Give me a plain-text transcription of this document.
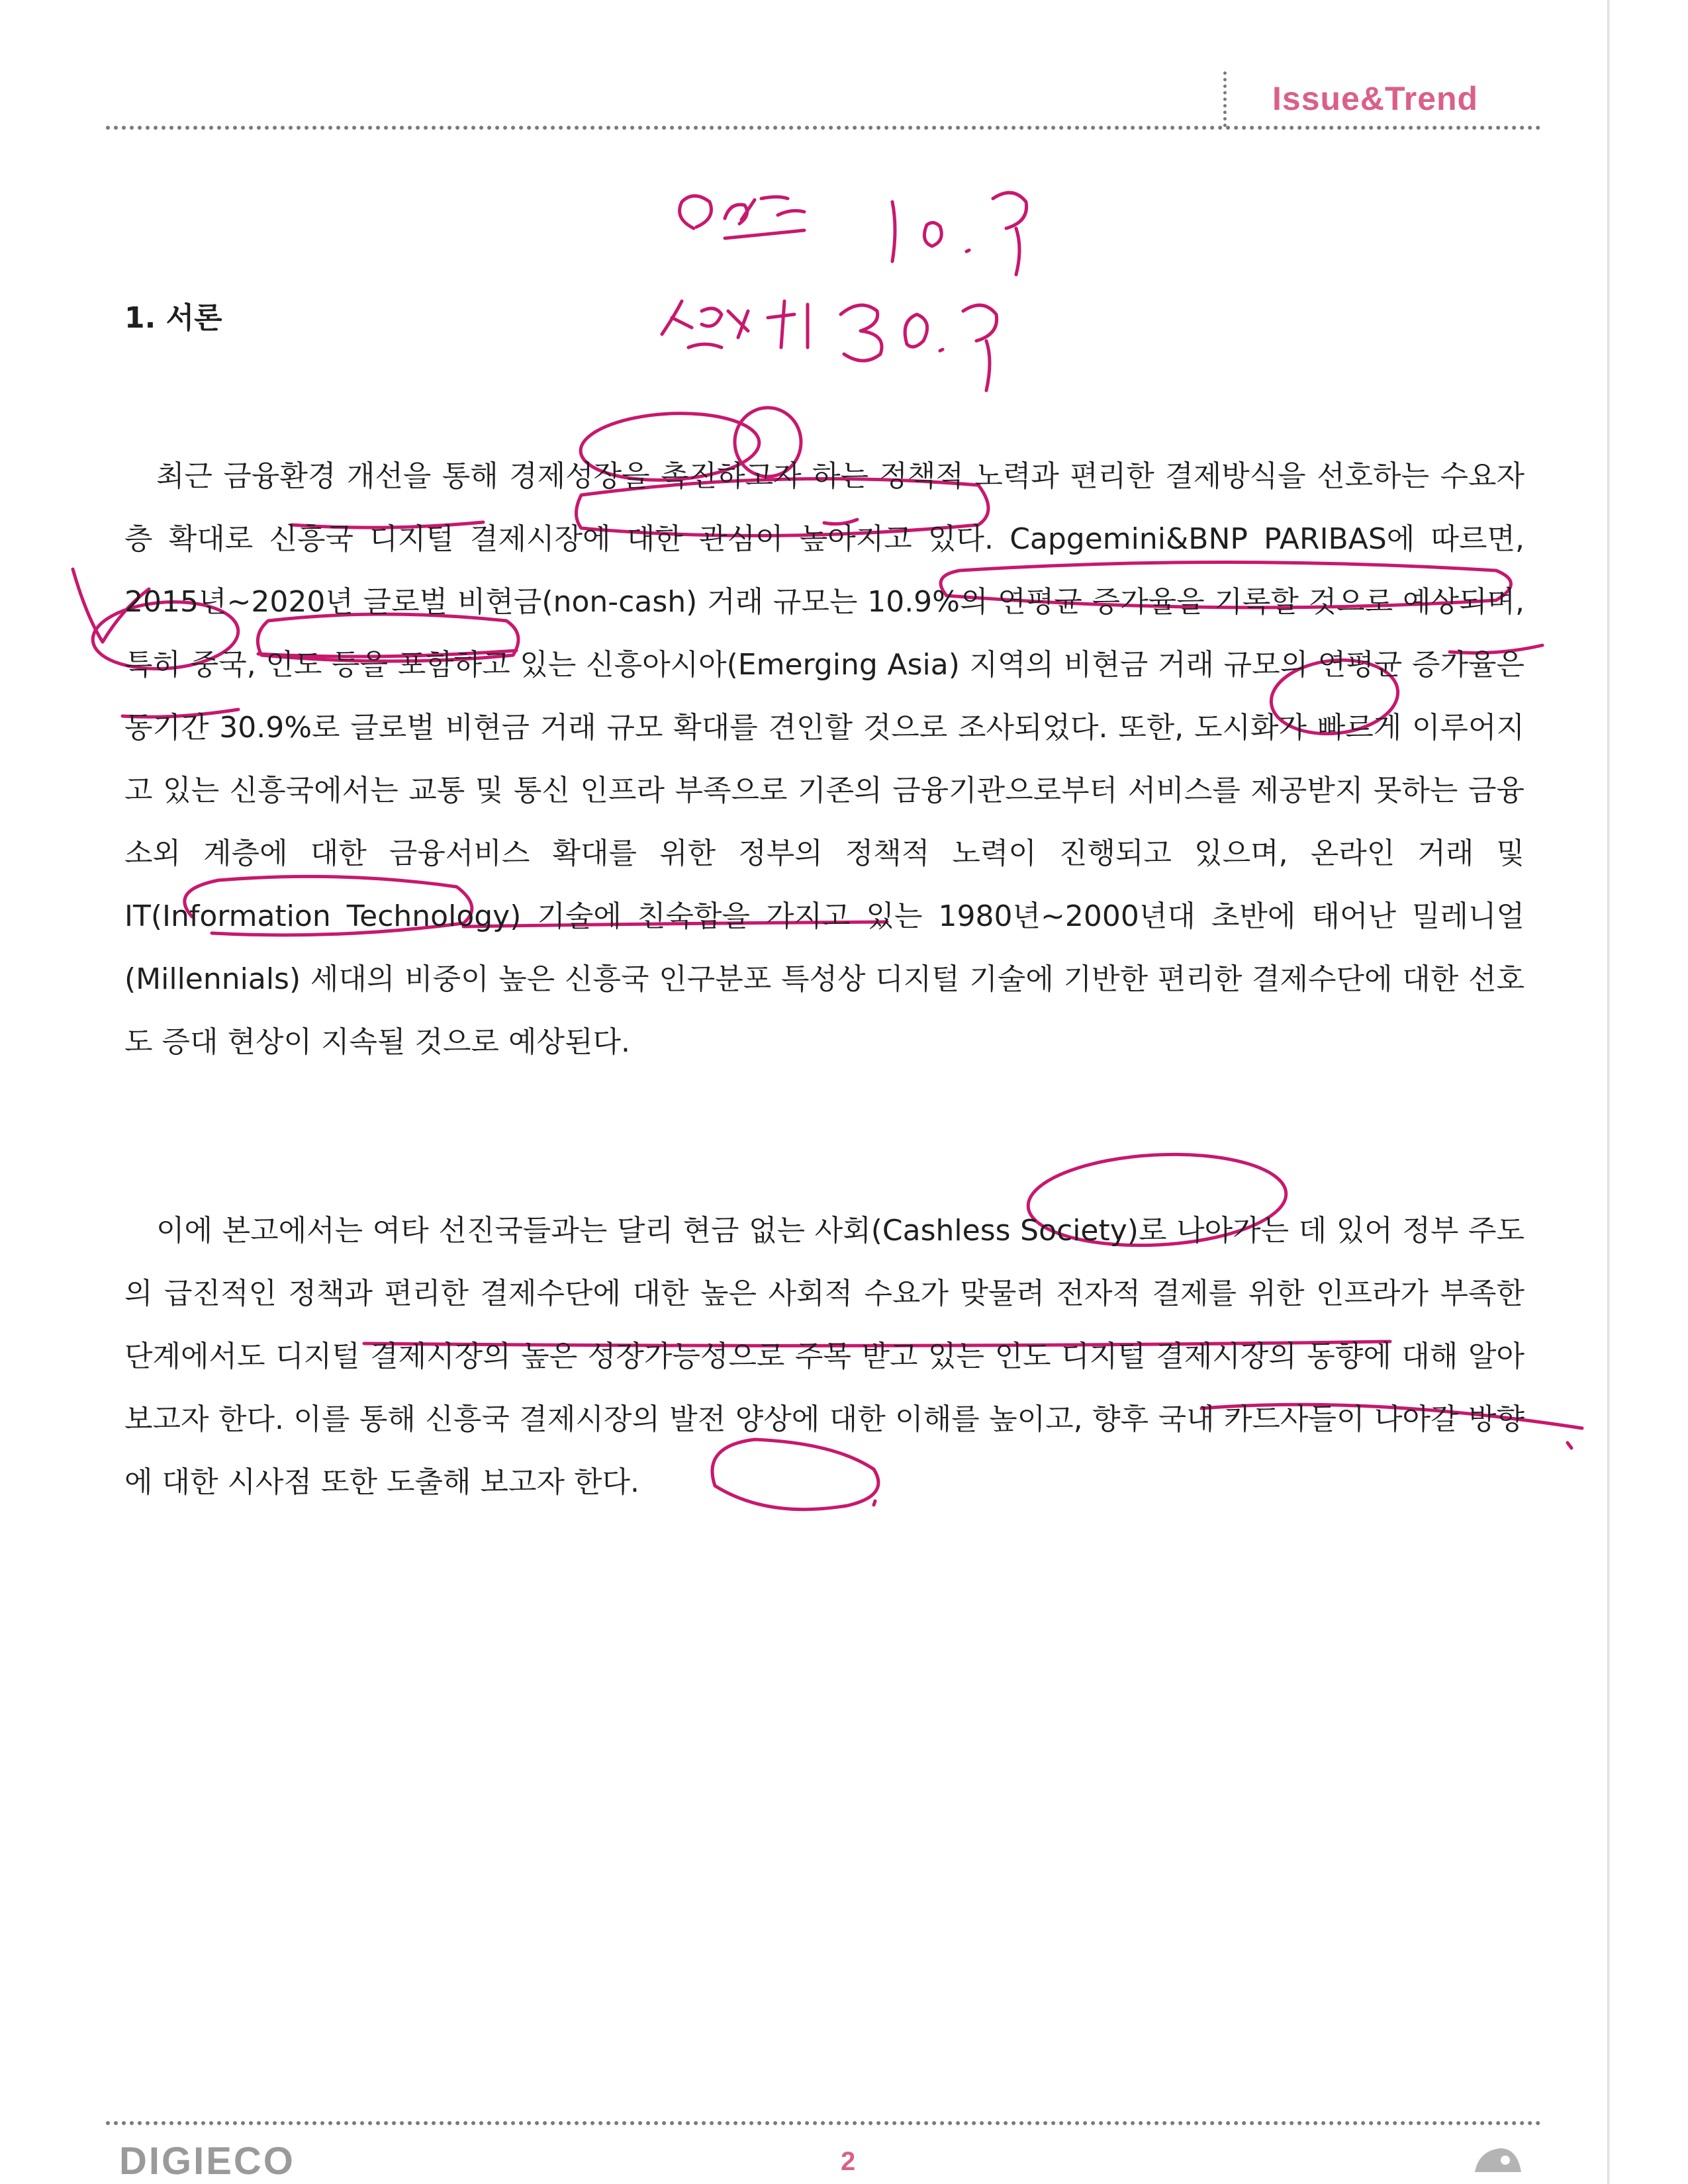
Issue&Trend
1. 서론

최근 금융환경 개선을 통해 경제성장을 촉진하고자 하는 정책적 노력과 편리한 결제방식을 선호하는 수요자층 확대로 신흥국 디지털 결제시장에 대한 관심이 높아지고 있다. Capgemini&BNP PARIBAS에 따르면, 2015년~2020년 글로벌 비현금(non-cash) 거래 규모는 10.9%의 연평균 증가율을 기록할 것으로 예상되며, 특히 중국, 인도 등을 포함하고 있는 신흥아시아(Emerging Asia) 지역의 비현금 거래 규모의 연평균 증가율은 동기간 30.9%로 글로벌 비현금 거래 규모 확대를 견인할 것으로 조사되었다. 또한, 도시화가 빠르게 이루어지고 있는 신흥국에서는 교통 및 통신 인프라 부족으로 기존의 금융기관으로부터 서비스를 제공받지 못하는 금융소외 계층에 대한 금융서비스 확대를 위한 정부의 정책적 노력이 진행되고 있으며, 온라인 거래 및 IT(Information Technology) 기술에 친숙함을 가지고 있는 1980년~2000년대 초반에 태어난 밀레니얼(Millennials) 세대의 비중이 높은 신흥국 인구분포 특성상 디지털 기술에 기반한 편리한 결제수단에 대한 선호도 증대 현상이 지속될 것으로 예상된다.

이에 본고에서는 여타 선진국들과는 달리 현금 없는 사회(Cashless Society)로 나아가는 데 있어 정부 주도의 급진적인 정책과 편리한 결제수단에 대한 높은 사회적 수요가 맞물려 전자적 결제를 위한 인프라가 부족한 단계에서도 디지털 결제시장의 높은 성장가능성으로 주목 받고 있는 인도 디지털 결제시장의 동향에 대해 알아보고자 한다. 이를 통해 신흥국 결제시장의 발전 양상에 대한 이해를 높이고, 향후 국내 카드사들이 나아갈 방향에 대한 시사점 또한 도출해 보고자 한다.

DIGIECO	2
